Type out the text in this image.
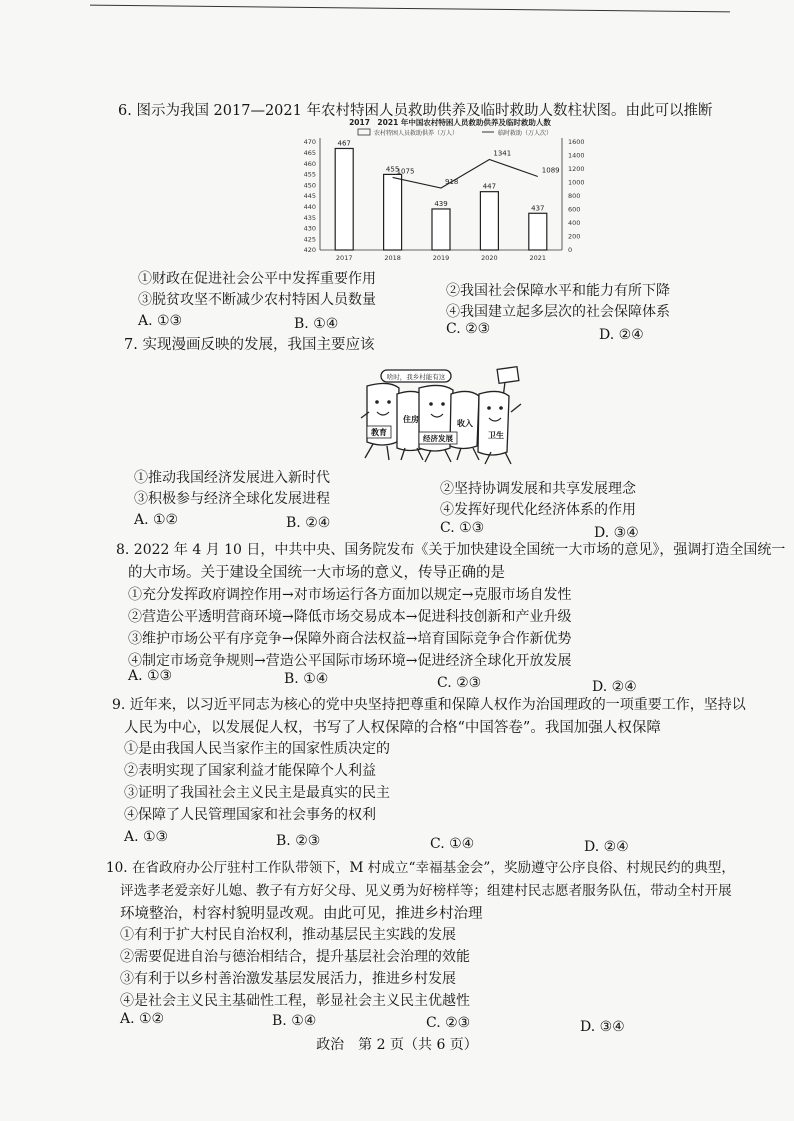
6. 图示为我国 2017—2021 年农村特困人员救助供养及临时救助人数柱状图。由此可以推断
2017　2021 年中国农村特困人员救助供养及临时救助人数
农村特困人员救助供养（万人）	临时救助（万人次）
420
425
430
435
440
445
450
455
460
465
470
0
200
400
600
800
1000
1200
1400
1600
467
455
439
447
437
1075
918
1341
1089
2017	2018	2019	2020	2021
①财政在促进社会公平中发挥重要作用
②我国社会保障水平和能力有所下降
③脱贫攻坚不断减少农村特困人员数量
④我国建立起多层次的社会保障体系
A. ①③	B. ①④	C. ②③	D. ②④
7. 实现漫画反映的发展，我国主要应该
啥时，我乡村能有这
教育
住房
经济发展
收入
卫生
①推动我国经济发展进入新时代
②坚持协调发展和共享发展理念
③积极参与经济全球化发展进程
④发挥好现代化经济体系的作用
A. ①②	B. ②④	C. ①③	D. ③④
8. 2022 年 4 月 10 日，中共中央、国务院发布《关于加快建设全国统一大市场的意见》，强调打造全国统一
的大市场。关于建设全国统一大市场的意义，传导正确的是
①充分发挥政府调控作用→对市场运行各方面加以规定→克服市场自发性
②营造公平透明营商环境→降低市场交易成本→促进科技创新和产业升级
③维护市场公平有序竞争→保障外商合法权益→培育国际竞争合作新优势
④制定市场竞争规则→营造公平国际市场环境→促进经济全球化开放发展
A. ①③	B. ①④	C. ②③	D. ②④
9. 近年来，以习近平同志为核心的党中央坚持把尊重和保障人权作为治国理政的一项重要工作，坚持以
人民为中心，以发展促人权，书写了人权保障的合格“中国答卷”。我国加强人权保障
①是由我国人民当家作主的国家性质决定的
②表明实现了国家利益才能保障个人利益
③证明了我国社会主义民主是最真实的民主
④保障了人民管理国家和社会事务的权利
A. ①③	B. ②③	C. ①④	D. ②④
10. 在省政府办公厅驻村工作队带领下，M 村成立“幸福基金会”，奖励遵守公序良俗、村规民约的典型，
评选孝老爱亲好儿媳、教子有方好父母、见义勇为好榜样等；组建村民志愿者服务队伍，带动全村开展
环境整治，村容村貌明显改观。由此可见，推进乡村治理
①有利于扩大村民自治权利，推动基层民主实践的发展
②需要促进自治与德治相结合，提升基层社会治理的效能
③有利于以乡村善治激发基层发展活力，推进乡村发展
④是社会主义民主基础性工程，彰显社会主义民主优越性
A. ①②	B. ①④	C. ②③	D. ③④
政治　第 2 页（共 6 页）
